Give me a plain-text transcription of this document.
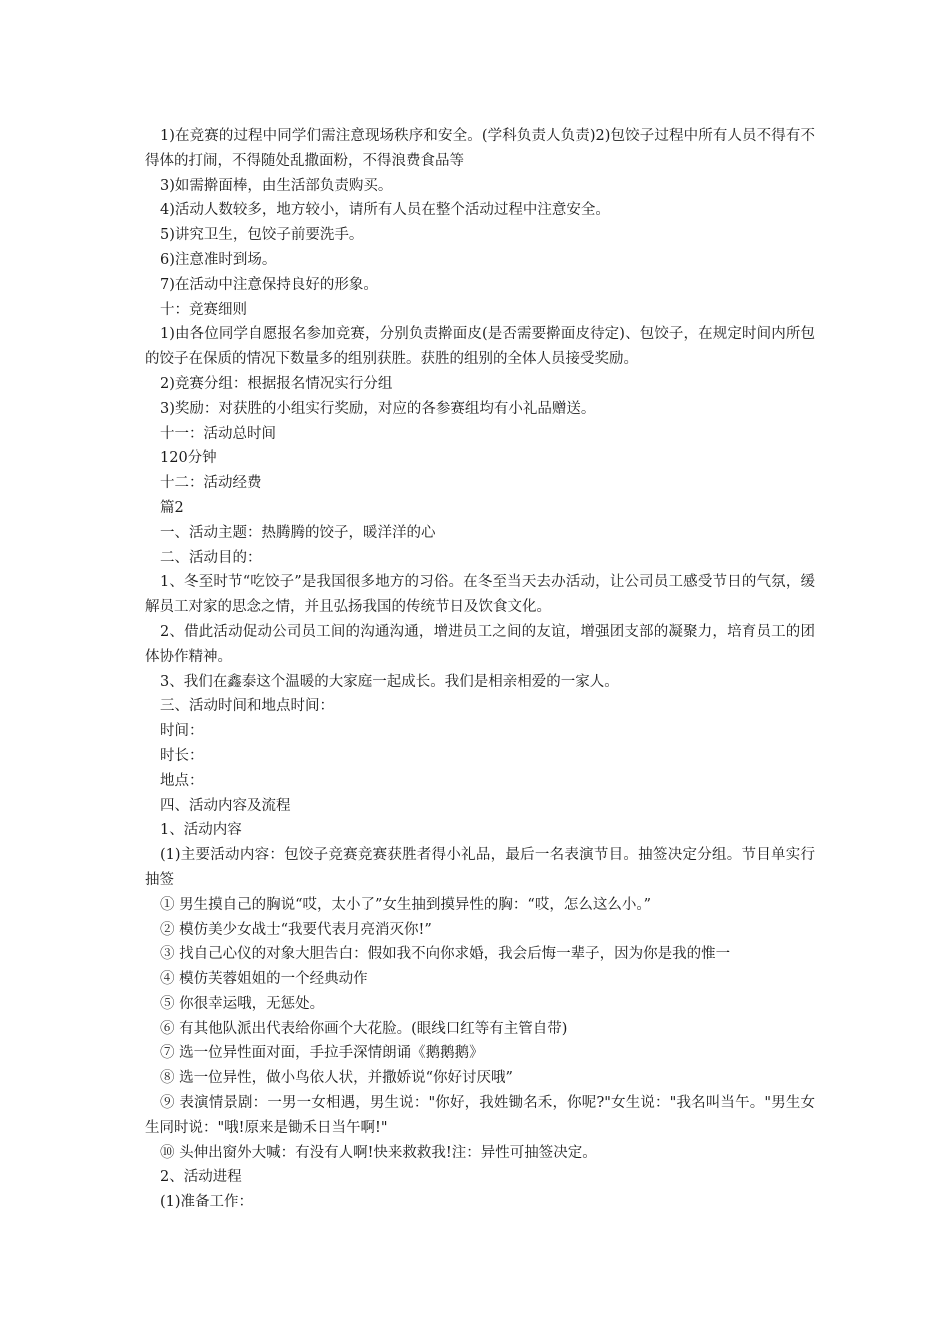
1)在竞赛的过程中同学们需注意现场秩序和安全。(学科负责人负责)2)包饺子过程中所有人员不得有不得体的打闹，不得随处乱撒面粉，不得浪费食品等

3)如需擀面棒，由生活部负责购买。

4)活动人数较多，地方较小，请所有人员在整个活动过程中注意安全。

5)讲究卫生，包饺子前要洗手。

6)注意准时到场。

7)在活动中注意保持良好的形象。

十：竞赛细则

1)由各位同学自愿报名参加竞赛，分别负责擀面皮(是否需要擀面皮待定)、包饺子，在规定时间内所包的饺子在保质的情况下数量多的组别获胜。获胜的组别的全体人员接受奖励。

2)竞赛分组：根据报名情况实行分组

3)奖励：对获胜的小组实行奖励，对应的各参赛组均有小礼品赠送。

十一：活动总时间

120分钟

十二：活动经费

篇2

一、活动主题：热腾腾的饺子，暖洋洋的心

二、活动目的：

1、冬至时节“吃饺子”是我国很多地方的习俗。在冬至当天去办活动，让公司员工感受节日的气氛，缓解员工对家的思念之情，并且弘扬我国的传统节日及饮食文化。

2、借此活动促动公司员工间的沟通沟通，增进员工之间的友谊，增强团支部的凝聚力，培育员工的团体协作精神。

3、我们在鑫泰这个温暖的大家庭一起成长。我们是相亲相爱的一家人。

三、活动时间和地点时间：

时间：

时长：

地点：

四、活动内容及流程

1、活动内容

(1)主要活动内容：包饺子竞赛竞赛获胜者得小礼品，最后一名表演节目。抽签决定分组。节目单实行抽签

① 男生摸自己的胸说“哎，太小了”女生抽到摸异性的胸：“哎，怎么这么小。”

② 模仿美少女战士“我要代表月亮消灭你!”

③ 找自己心仪的对象大胆告白：假如我不向你求婚，我会后悔一辈子，因为你是我的惟一

④ 模仿芙蓉姐姐的一个经典动作

⑤ 你很幸运哦，无惩处。

⑥ 有其他队派出代表给你画个大花脸。(眼线口红等有主管自带)

⑦ 选一位异性面对面，手拉手深情朗诵《鹅鹅鹅》

⑧ 选一位异性，做小鸟依人状，并撒娇说“你好讨厌哦”

⑨ 表演情景剧：一男一女相遇，男生说："你好，我姓锄名禾，你呢?"女生说："我名叫当午。"男生女生同时说："哦!原来是锄禾日当午啊!"

⑩ 头伸出窗外大喊：有没有人啊!快来救救我!注：异性可抽签决定。

2、活动进程

(1)准备工作：
